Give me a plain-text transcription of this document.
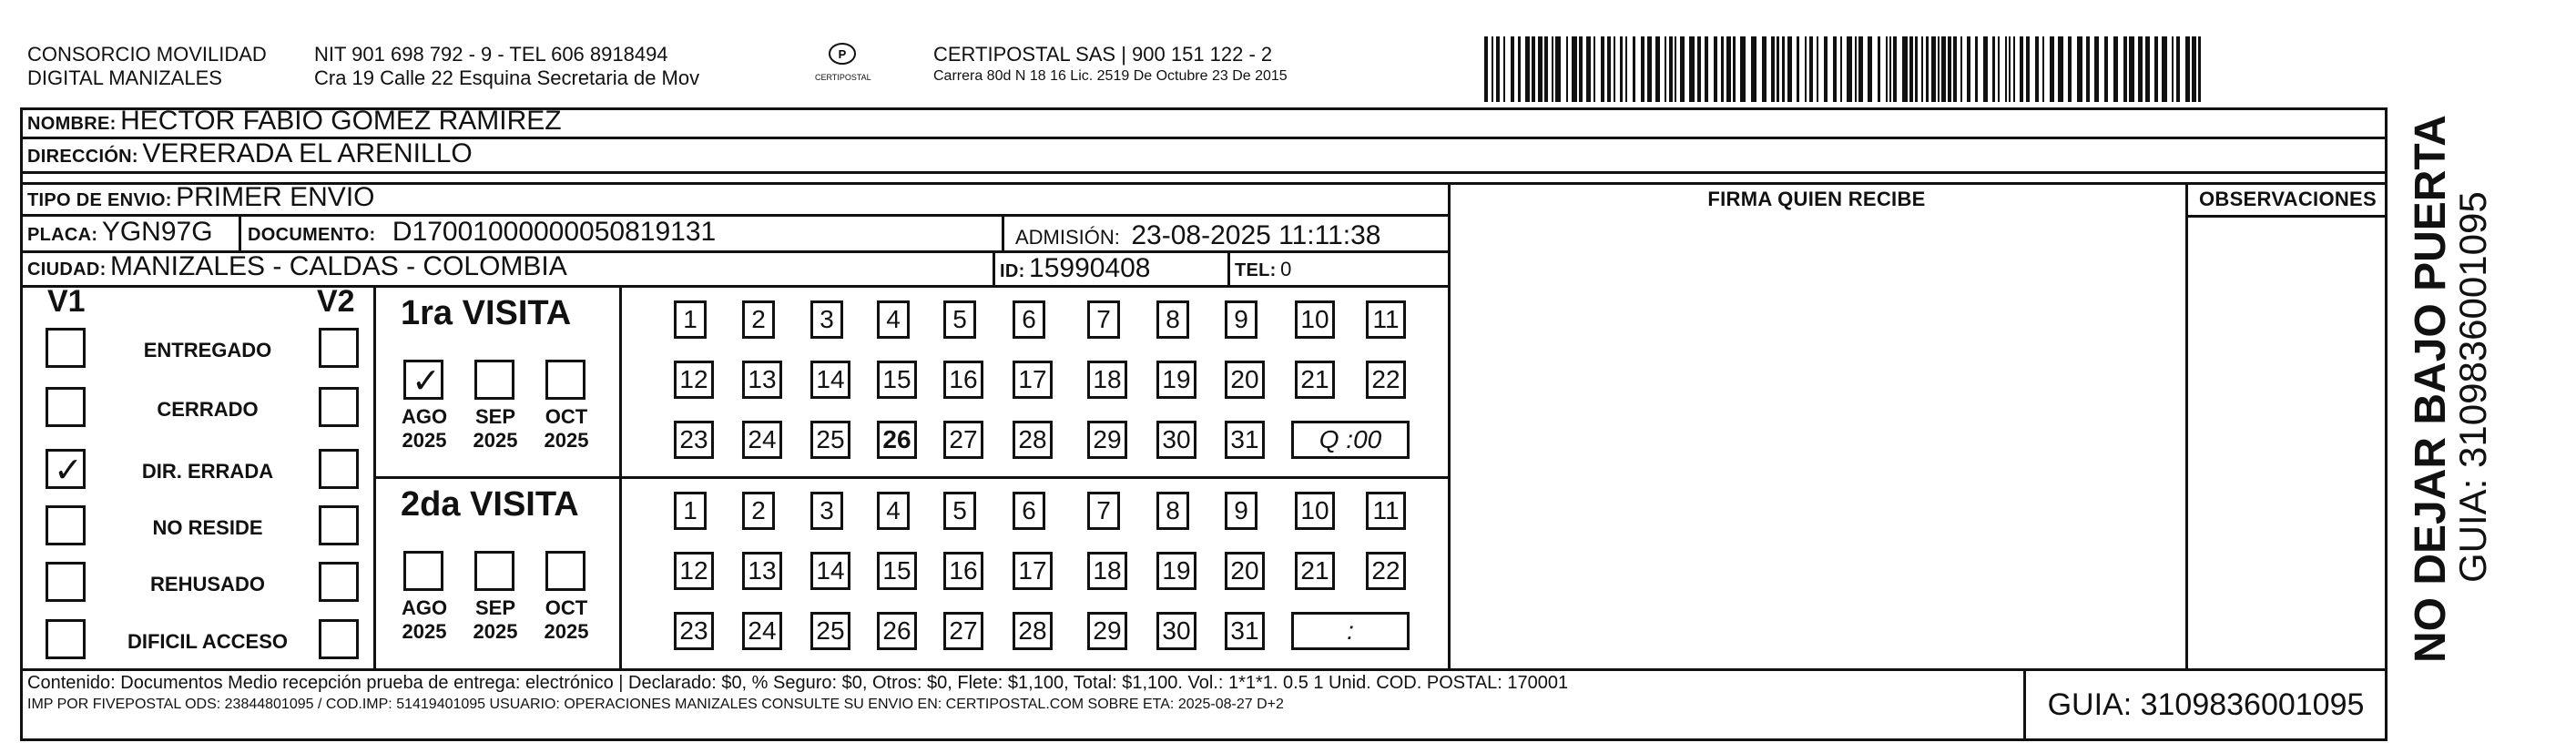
CONSORCIO MOVILIDAD
DIGITAL MANIZALES
NIT 901 698 792 - 9 - TEL 606 8918494
Cra 19 Calle 22 Esquina Secretaria de Mov
P
CERTIPOSTAL
CERTIPOSTAL SAS | 900 151 122 - 2
Carrera 80d N 18 16 Lic. 2519 De Octubre 23 De 2015
NOMBRE: HECTOR FABIO GOMEZ RAMIREZ
DIRECCIÓN: VERERADA EL ARENILLO
TIPO DE ENVIO: PRIMER ENVIO
PLACA: YGN97G DOCUMENTO: D17001000000050819131	ADMISIÓN: 23-08-2025 11:11:38
CIUDAD: MANIZALES - CALDAS - COLOMBIA	ID: 15990408	TEL: 0
FIRMA QUIEN RECIBE	OBSERVACIONES
V1	V2
ENTREGADO
CERRADO
✓
DIR. ERRADA
NO RESIDE
REHUSADO
DIFICIL ACCESO
1ra VISITA
✓
AGO
2025
SEP
2025
OCT
2025
1	2	3	4	5	6	7	8	9	10 11
12 13 14 15 16 17 18 19 20 21 22
23 24 25 26 27 28 29 30 31	Q :00
2da VISITA
AGO
2025
SEP
2025
OCT
2025
1	2	3	4	5	6	7	8	9	10 11
12 13 14 15 16 17 18 19 20 21 22
23 24 25 26 27 28 29 30 31	:
Contenido: Documentos Medio recepción prueba de entrega: electrónico | Declarado: $0, % Seguro: $0, Otros: $0, Flete: $1,100, Total: $1,100. Vol.: 1*1*1. 0.5 1 Unid. COD. POSTAL: 170001
IMP POR FIVEPOSTAL ODS: 23844801095 / COD.IMP: 51419401095 USUARIO: OPERACIONES MANIZALES CONSULTE SU ENVIO EN: CERTIPOSTAL.COM SOBRE ETA: 2025-08-27 D+2	GUIA: 3109836001095
NO DEJAR BAJO PUERTA
GUIA: 3109836001095
